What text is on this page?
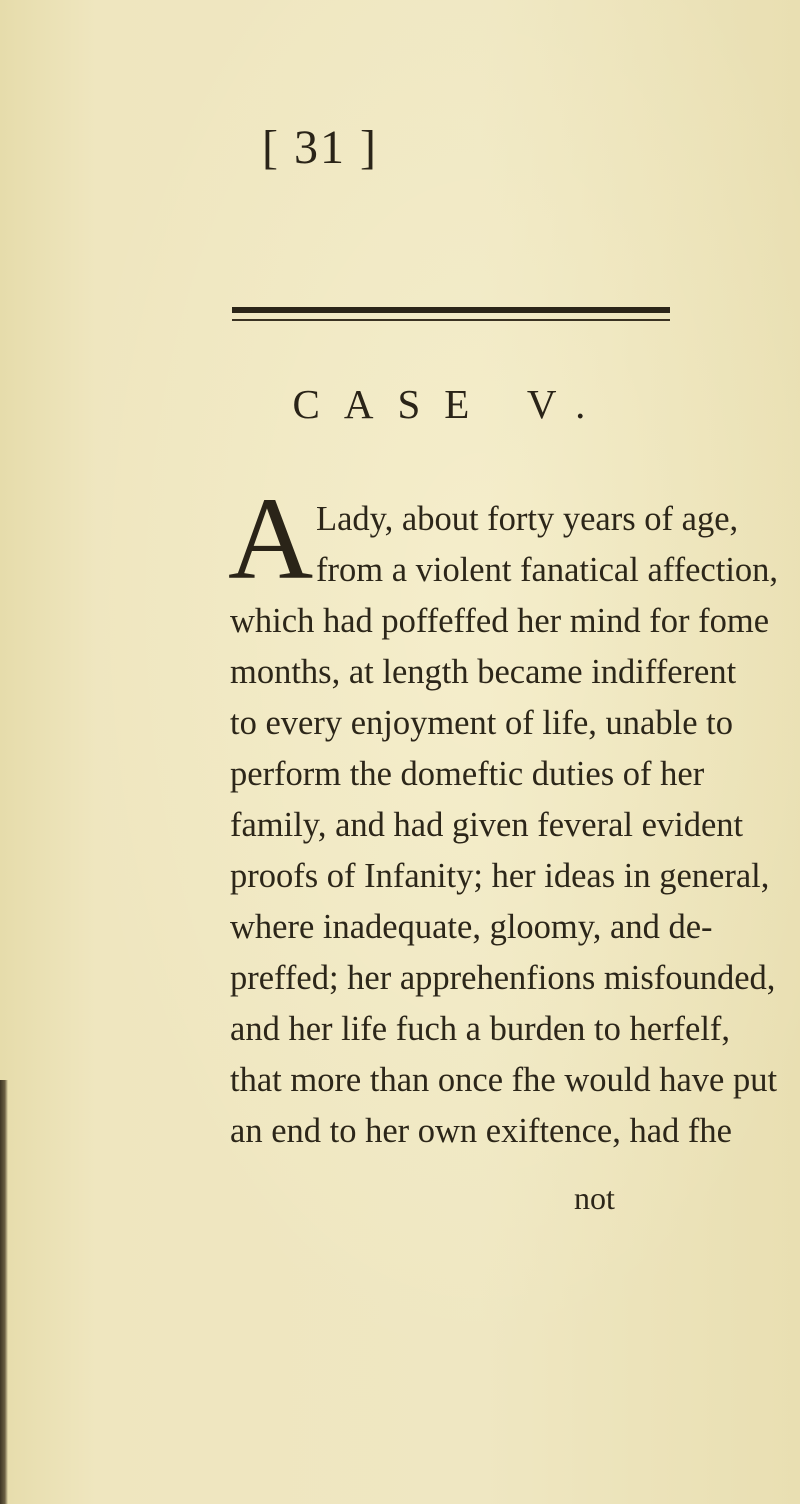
[ 31 ]
CASE V.
A Lady, about forty years of age,
from a violent fanatical affection,
which had poffeffed her mind for fome
months, at length became indifferent
to every enjoyment of life, unable to
perform the domeftic duties of her
family, and had given feveral evident
proofs of Infanity; her ideas in general,
where inadequate, gloomy, and de-
preffed; her apprehenfions misfounded,
and her life fuch a burden to herfelf,
that more than once fhe would have put
an end to her own exiftence, had fhe
not
